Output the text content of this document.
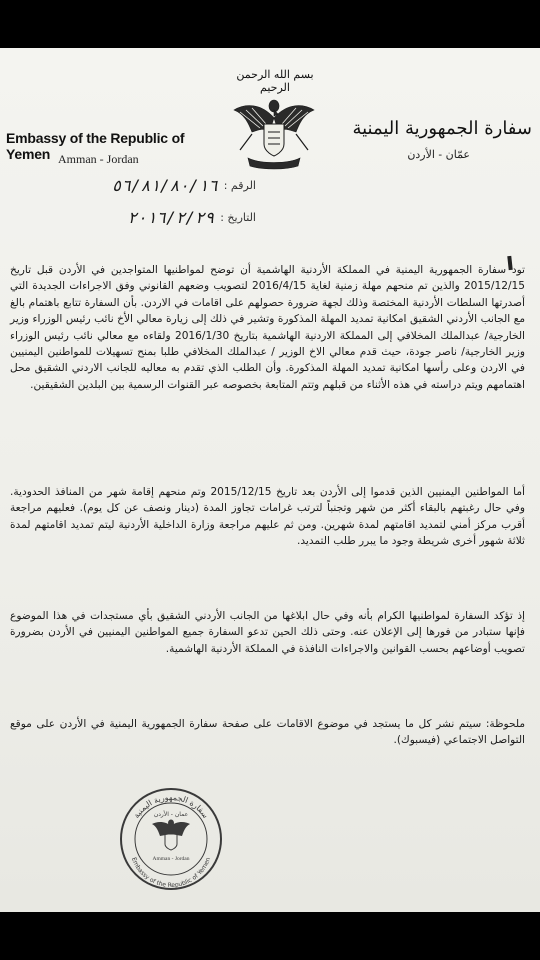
بسم الله الرحمن الرحيم
Embassy of the Republic of Yemen Amman - Jordan
سفارة الجمهورية اليمنية
عمّان - الأردن
الرقم :
٥٦/٨١/٨٠/١٦
التاريخ :
٢٠١٦/٢/٢٩

تود سفارة الجمهورية اليمنية في المملكة الأردنية الهاشمية أن توضح لمواطنيها المتواجدين في الأردن قبل تاريخ 2015/12/15 والذين تم منحهم مهلة زمنية لغاية 2016/4/15 لتصويب وضعهم القانوني وفق الاجراءات الجديدة التي أصدرتها السلطات الأردنية المختصة وذلك لجهة ضرورة حصولهم على اقامات في الاردن. بأن السفارة تتابع باهتمام بالغ مع الجانب الأردني الشقيق امكانية تمديد المهلة المذكورة وتشير في ذلك إلى زيارة معالي الأخ نائب رئيس الوزراء وزير الخارجية/ عبدالملك المخلافي إلى المملكة الاردنية الهاشمية بتاريخ 2016/1/30 ولقاءه مع معالي نائب رئيس الوزراء وزير الخارجية/ ناصر جودة، حيث قدم معالي الاخ الوزير / عبدالملك المخلافي طلبا بمنح تسهيلات للمواطنين اليمنيين في الاردن وعلى رأسها امكانية تمديد المهلة المذكورة. وأن الطلب الذي تقدم به معاليه للجانب الاردني الشقيق محل اهتمامهم ويتم دراسته في هذه الأثناء من قبلهم وتتم المتابعة بخصوصه عبر القنوات الرسمية بين البلدين الشقيقين.

أما المواطنين اليمنيين الذين قدموا إلى الأردن بعد تاريخ 2015/12/15 وتم منحهم إقامة شهر من المنافذ الحدودية. وفي حال رغبتهم بالبقاء أكثر من شهر وتجنباً لترتب غرامات تجاوز المدة (دينار ونصف عن كل يوم). فعليهم مراجعة أقرب مركز أمني لتمديد اقامتهم لمدة شهرين. ومن ثم عليهم مراجعة وزارة الداخلية الأردنية ليتم تمديد اقامتهم لمدة ثلاثة شهور أخرى شريطة وجود ما يبرر طلب التمديد.

إذ تؤكد السفارة لمواطنيها الكرام بأنه وفي حال ابلاغها من الجانب الأردني الشقيق بأي مستجدات في هذا الموضوع فإنها ستبادر من فورها إلى الإعلان عنه. وحتى ذلك الحين تدعو السفارة جميع المواطنين اليمنيين في الأردن بضرورة تصويب أوضاعهم بحسب القوانين والاجراءات النافذة في المملكة الأردنية الهاشمية.

ملحوظة: سيتم نشر كل ما يستجد في موضوع الاقامات على صفحة سفارة الجمهورية اليمنية في الأردن على موقع التواصل الاجتماعي (فيسبوك).

سفارة الجمهورية اليمنية
Embassy of the Republic of Yemen
عمان - الأردن
Amman - Jordan
